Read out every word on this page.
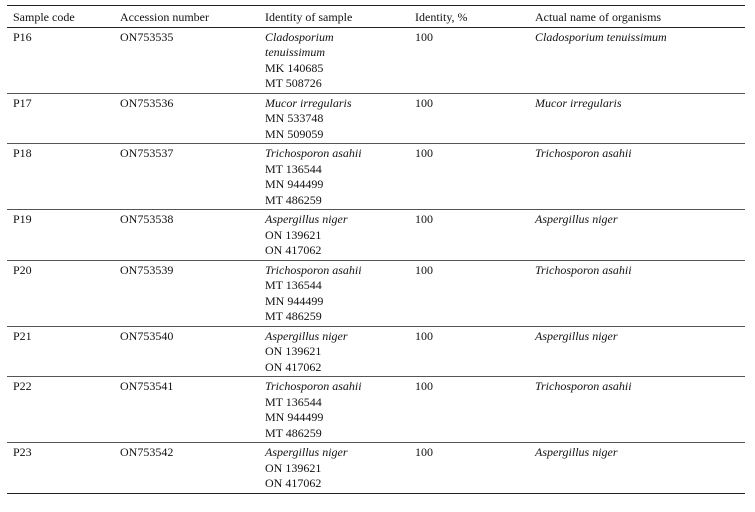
Sample code	Accession number	Identity of sample	Identity, %	Actual name of organisms
P16	ON753535	Cladosporium
tenuissimum
MK 140685
MT 508726	100	Cladosporium tenuissimum
P17	ON753536	Mucor irregularis
MN 533748
MN 509059	100	Mucor irregularis
P18	ON753537	Trichosporon asahii
MT 136544
MN 944499
MT 486259	100	Trichosporon asahii
P19	ON753538	Aspergillus niger
ON 139621
ON 417062	100	Aspergillus niger
P20	ON753539	Trichosporon asahii
MT 136544
MN 944499
MT 486259	100	Trichosporon asahii
P21	ON753540	Aspergillus niger
ON 139621
ON 417062	100	Aspergillus niger
P22	ON753541	Trichosporon asahii
MT 136544
MN 944499
MT 486259	100	Trichosporon asahii
P23	ON753542	Aspergillus niger
ON 139621
ON 417062	100	Aspergillus niger
